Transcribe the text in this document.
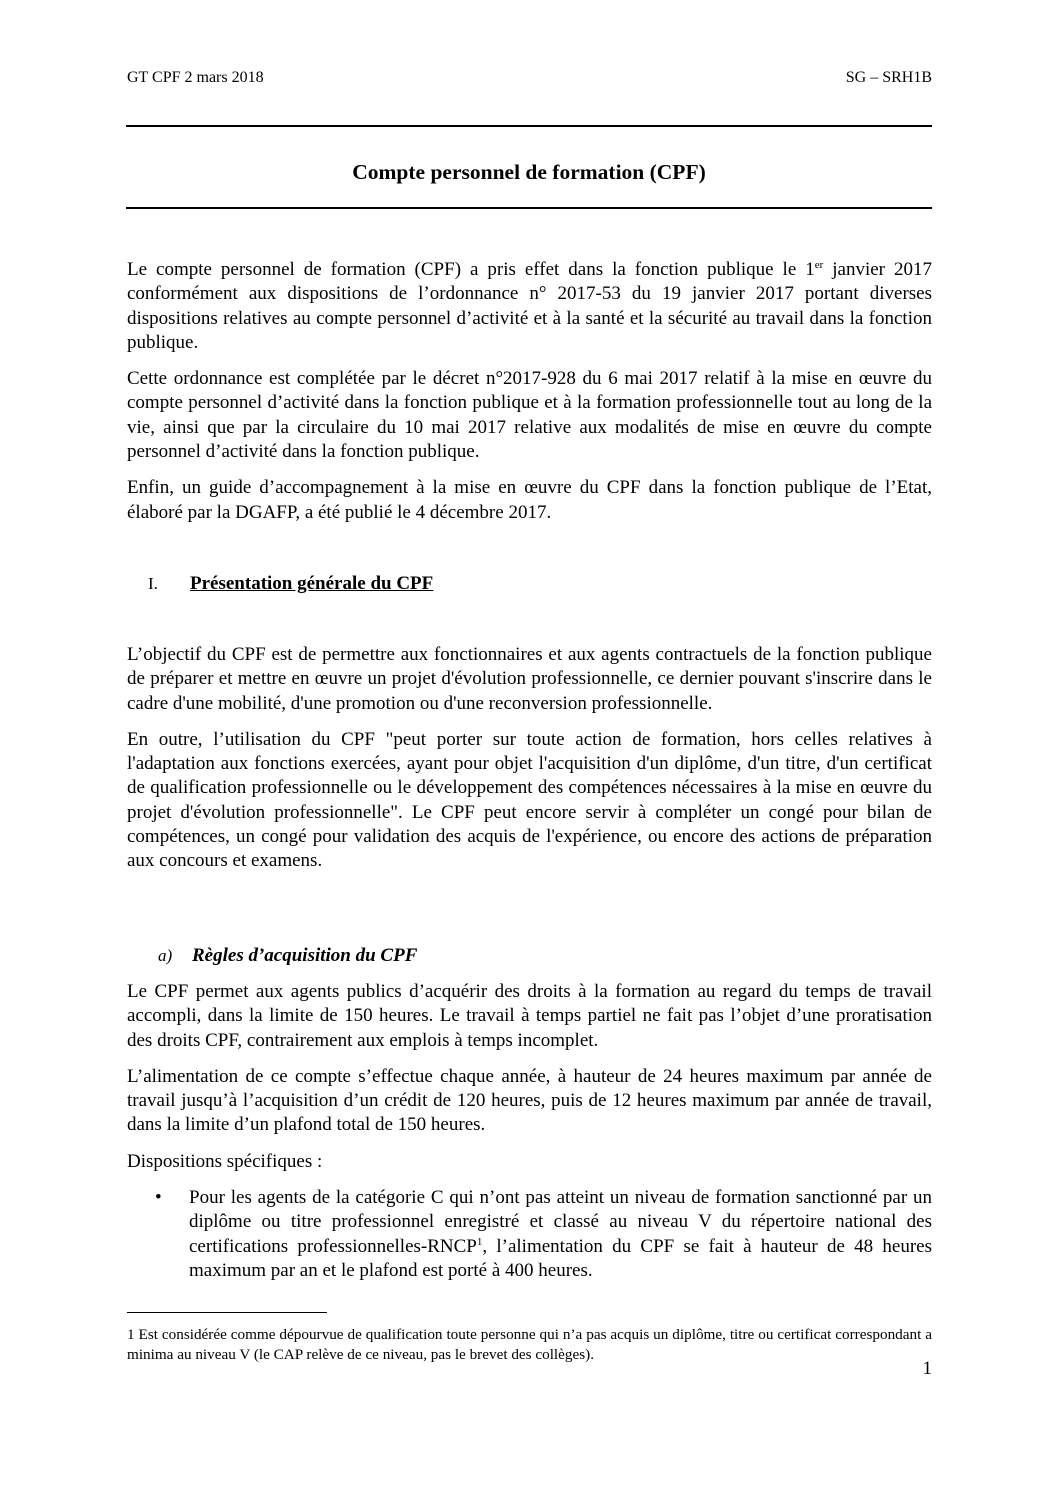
GT CPF 2 mars 2018	SG – SRH1B
Compte personnel de formation (CPF)

Le compte personnel de formation (CPF) a pris effet dans la fonction publique le 1er janvier 2017 conformément aux dispositions de l’ordonnance n° 2017-53 du 19 janvier 2017 portant diverses dispositions relatives au compte personnel d’activité et à la santé et la sécurité au travail dans la fonction publique.

Cette ordonnance est complétée par le décret n°2017-928 du 6 mai 2017 relatif à la mise en œuvre du compte personnel d’activité dans la fonction publique et à la formation professionnelle tout au long de la vie, ainsi que par la circulaire du 10 mai 2017 relative aux modalités de mise en œuvre du compte personnel d’activité dans la fonction publique.

Enfin, un guide d’accompagnement à la mise en œuvre du CPF dans la fonction publique de l’Etat, élaboré par la DGAFP, a été publié le 4 décembre 2017.

I. Présentation générale du CPF

L’objectif du CPF est de permettre aux fonctionnaires et aux agents contractuels de la fonction publique de préparer et mettre en œuvre un projet d'évolution professionnelle, ce dernier pouvant s'inscrire dans le cadre d'une mobilité, d'une promotion ou d'une reconversion professionnelle.

En outre, l’utilisation du CPF "peut porter sur toute action de formation, hors celles relatives à l'adaptation aux fonctions exercées, ayant pour objet l'acquisition d'un diplôme, d'un titre, d'un certificat de qualification professionnelle ou le développement des compétences nécessaires à la mise en œuvre du projet d'évolution professionnelle". Le CPF peut encore servir à compléter un congé pour bilan de compétences, un congé pour validation des acquis de l'expérience, ou encore des actions de préparation aux concours et examens.

a) Règles d’acquisition du CPF

Le CPF permet aux agents publics d’acquérir des droits à la formation au regard du temps de travail accompli, dans la limite de 150 heures. Le travail à temps partiel ne fait pas l’objet d’une proratisation des droits CPF, contrairement aux emplois à temps incomplet.

L’alimentation de ce compte s’effectue chaque année, à hauteur de 24 heures maximum par année de travail jusqu’à l’acquisition d’un crédit de 120 heures, puis de 12 heures maximum par année de travail, dans la limite d’un plafond total de 150 heures.

Dispositions spécifiques :

• Pour les agents de la catégorie C qui n’ont pas atteint un niveau de formation sanctionné par un diplôme ou titre professionnel enregistré et classé au niveau V du répertoire national des certifications professionnelles-RNCP$^1$, l’alimentation du CPF se fait à hauteur de 48 heures maximum par an et le plafond est porté à 400 heures.
1 Est considérée comme dépourvue de qualification toute personne qui n’a pas acquis un diplôme, titre ou certificat correspondant a minima au niveau V (le CAP relève de ce niveau, pas le brevet des collèges).
1
